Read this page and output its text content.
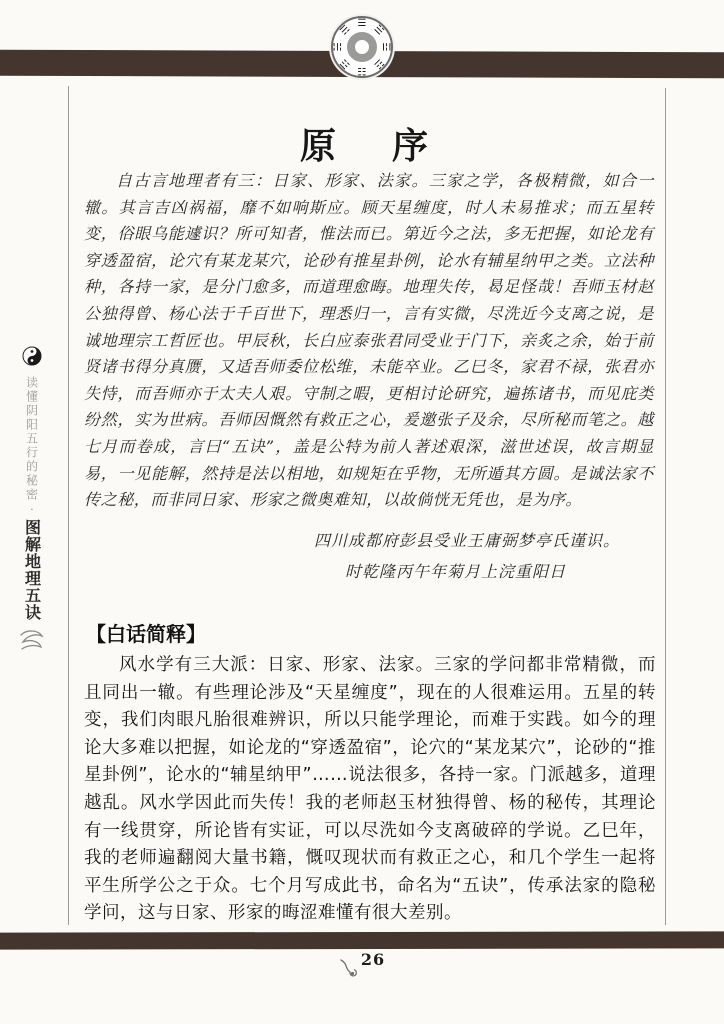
☰ ☱
☲
☳
☷
☶
☵
☴
读懂阴阳五行的秘密
·
图解地理五诀
原　序

自古言地理者有三：日家、形家、法家。三家之学，各极精微，如合一辙。其言吉凶祸福，靡不如响斯应。顾天星缠度，时人未易推求；而五星转变，俗眼乌能遽识？所可知者，惟法而已。第近今之法，多无把握，如论龙有穿透盈宿，论穴有某龙某穴，论砂有推星卦例，论水有辅星纳甲之类。立法种种，各持一家，是分门愈多，而道理愈晦。地理失传，曷足怪哉！吾师玉材赵公独得曾、杨心法于千百世下，理悉归一，言有实微，尽洗近今支离之说，是诚地理宗工哲匠也。甲辰秋，长白应泰张君同受业于门下，亲炙之余，始于前贤诸书得分真赝，又适吾师委位松维，未能卒业。乙巳冬，家君不禄，张君亦失恃，而吾师亦于太夫人艰。守制之暇，更相讨论研究，遍拣诸书，而见庇类纷然，实为世病。吾师因慨然有救正之心，爰邀张子及余，尽所秘而笔之。越七月而卷成，言曰“五诀”，盖是公特为前人著述艰深，滋世述误，故言期显易，一见能解，然持是法以相地，如规矩在乎物，无所遁其方圆。是诚法家不传之秘，而非同日家、形家之微奥难知，以故倘恍无凭也，是为序。

四川成都府彭县受业王庸弼梦亭氏谨识。
时乾隆丙午年菊月上浣重阳日
【白话简释】

风水学有三大派：日家、形家、法家。三家的学问都非常精微，而且同出一辙。有些理论涉及“天星缠度”，现在的人很难运用。五星的转变，我们肉眼凡胎很难辨识，所以只能学理论，而难于实践。如今的理论大多难以把握，如论龙的“穿透盈宿”，论穴的“某龙某穴”，论砂的“推星卦例”，论水的“辅星纳甲”……说法很多，各持一家。门派越多，道理越乱。风水学因此而失传！我的老师赵玉材独得曾、杨的秘传，其理论有一线贯穿，所论皆有实证，可以尽洗如今支离破碎的学说。乙巳年，我的老师遍翻阅大量书籍，慨叹现状而有救正之心，和几个学生一起将平生所学公之于众。七个月写成此书，命名为“五诀”，传承法家的隐秘学问，这与日家、形家的晦涩难懂有很大差别。

26
